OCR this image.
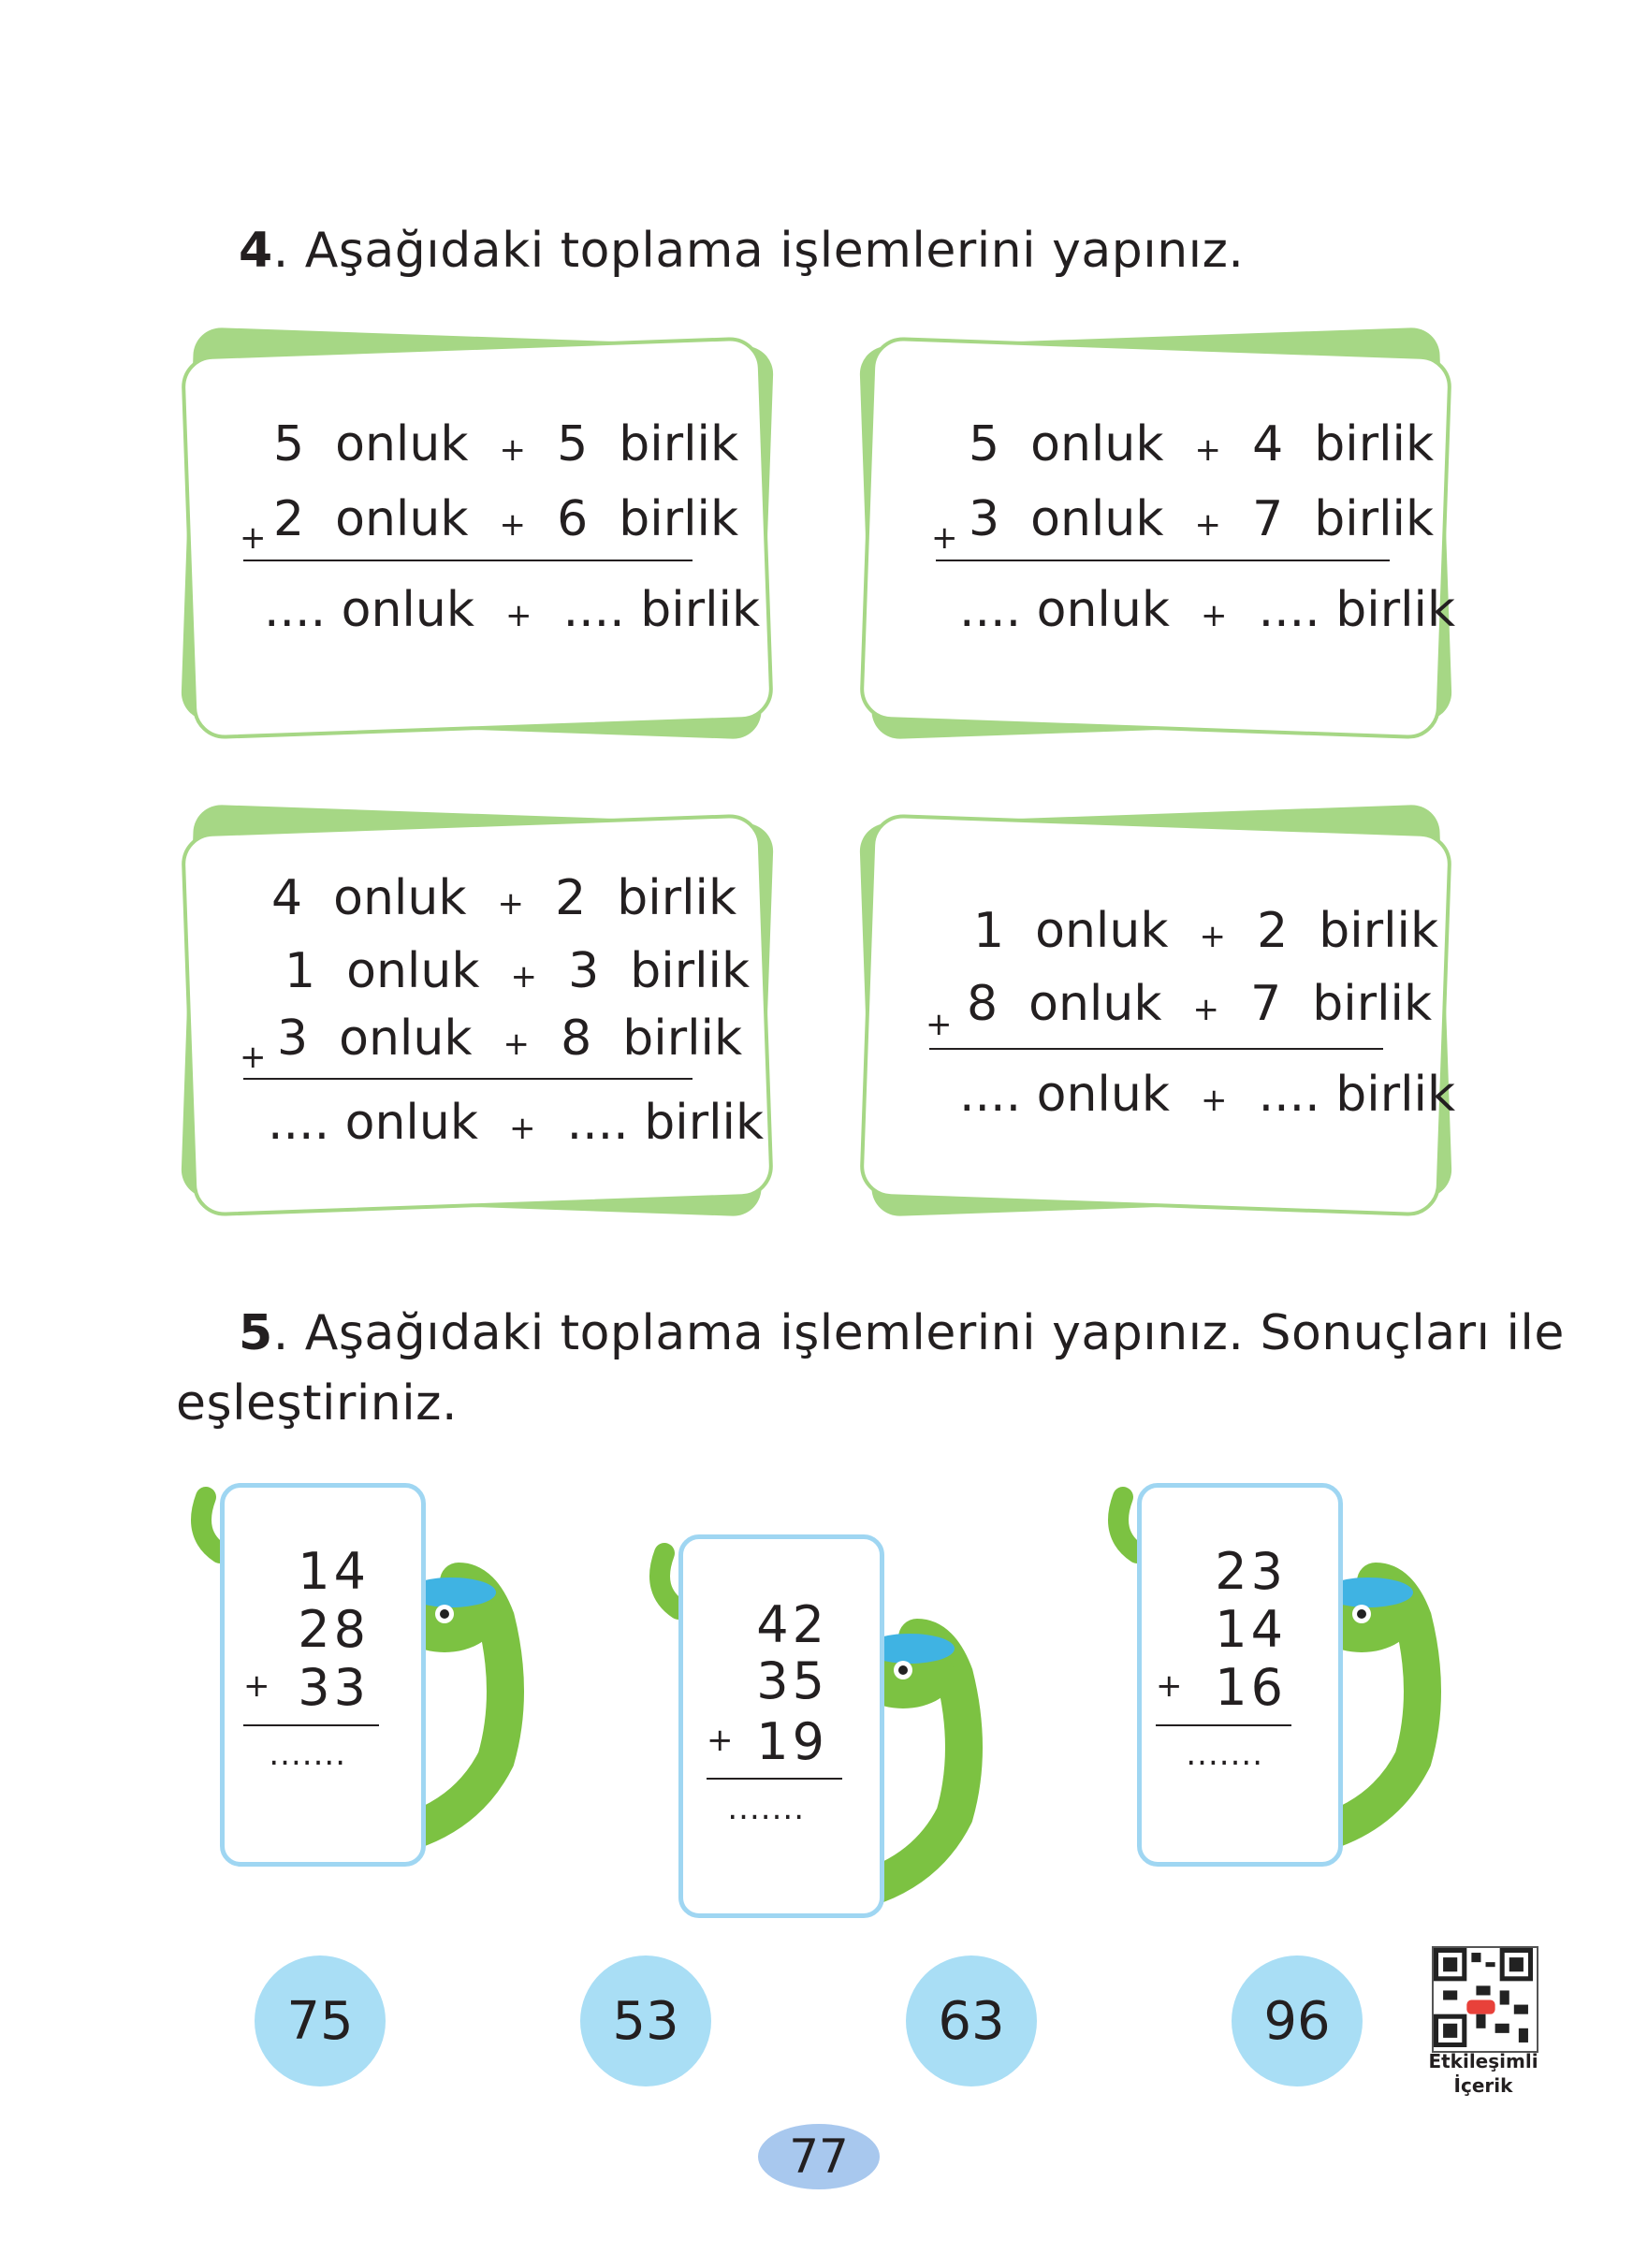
4. Aşağıdaki toplama işlemlerini yapınız.
5 onluk + 5 birlik
2 onluk + 6 birlik
+
.... onluk + .... birlik
5 onluk + 4 birlik
3 onluk + 7 birlik
+
.... onluk + .... birlik
4 onluk + 2 birlik
1 onluk + 3 birlik
3 onluk + 8 birlik
+
.... onluk + .... birlik
1 onluk + 2 birlik
8 onluk + 7 birlik
+
.... onluk + .... birlik
5. Aşağıdaki toplama işlemlerini yapınız. Sonuçları ile
eşleştiriniz.
14
28
33
+
.......
42
35
19
+
.......
23
14
16
+
.......
75	53	63	96
Etkileşimli
İçerik
77
